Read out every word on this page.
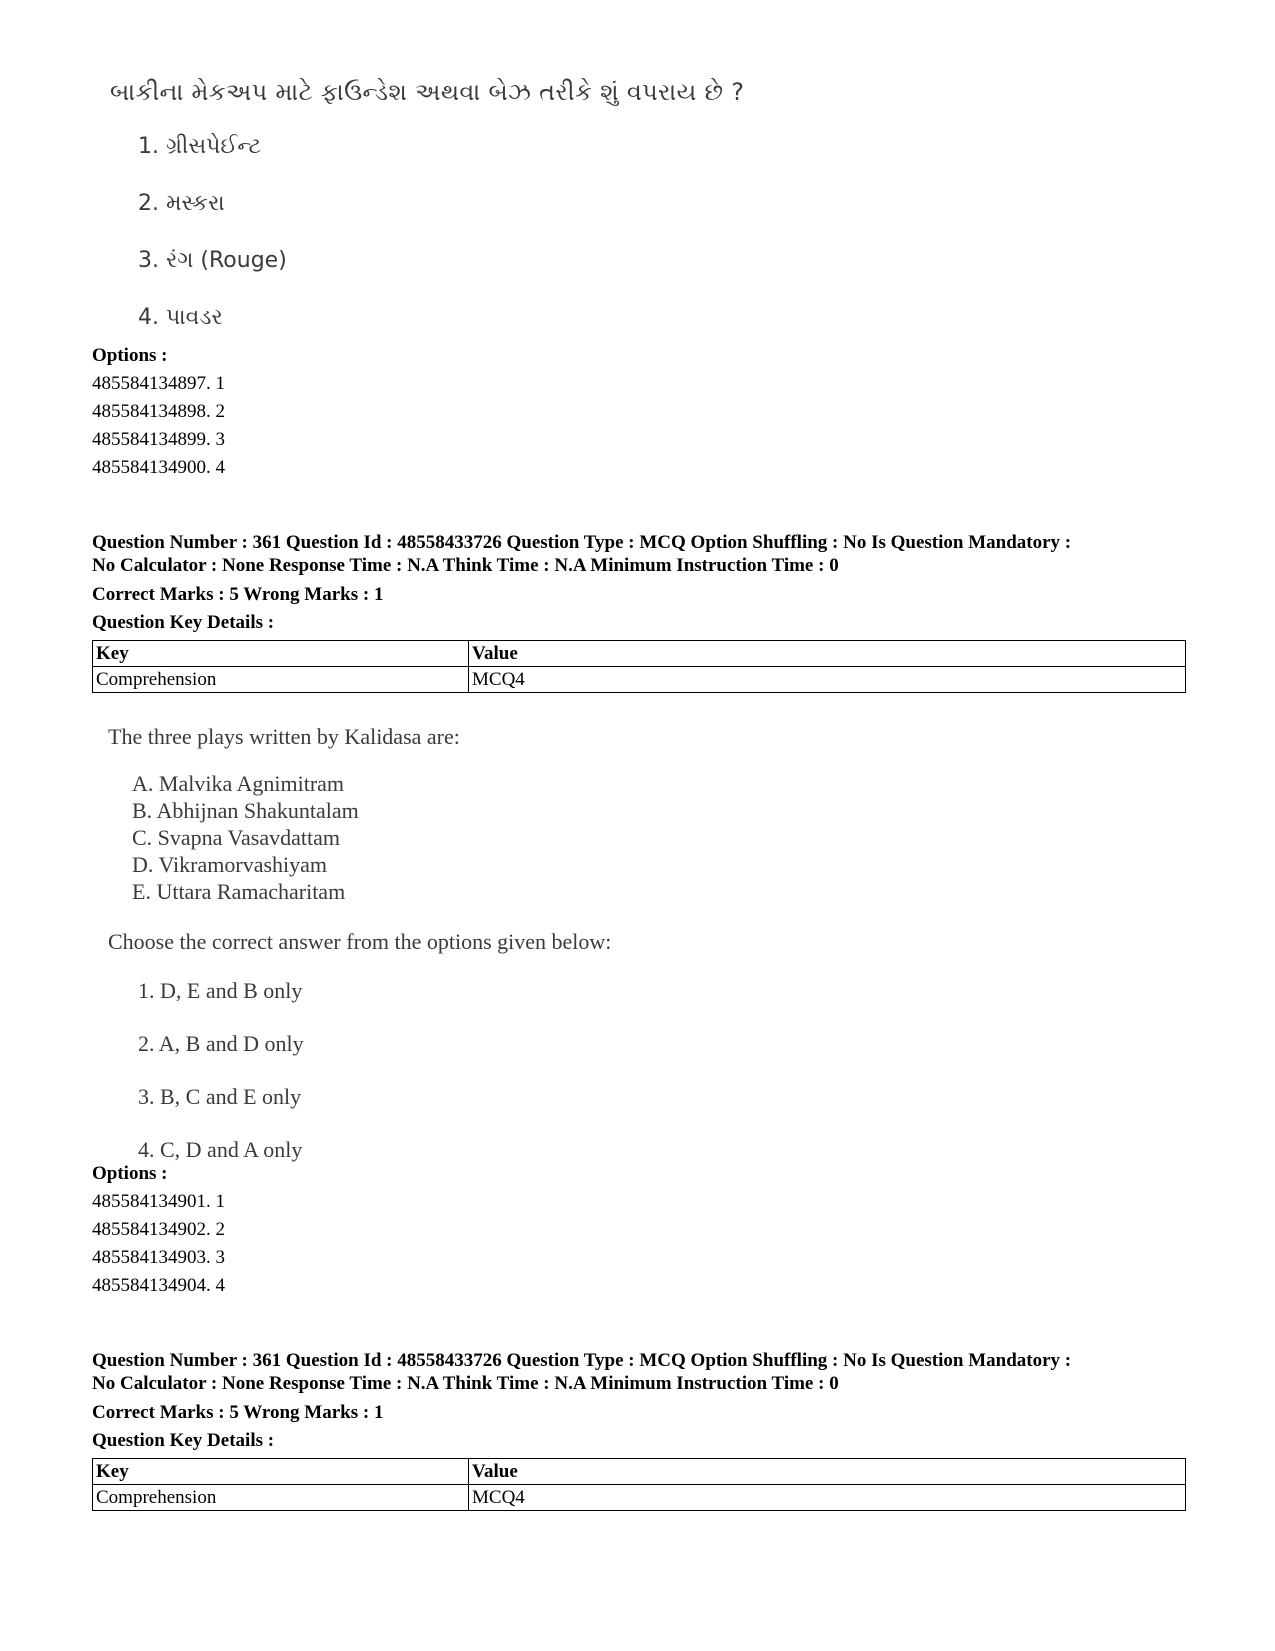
બાકીના મેકઅપ માટે ફાઉન્ડેશ અથવા બેઝ તરીકે શું વપરાય છે ?
1. ગ્રીસપેઈન્ટ
2. મસ્કરા
3. રંગ (Rouge)
4. પાવડર
Options :
485584134897. 1
485584134898. 2
485584134899. 3
485584134900. 4
Question Number : 361 Question Id : 48558433726 Question Type : MCQ Option Shuffling : No Is Question Mandatory :
No Calculator : None Response Time : N.A Think Time : N.A Minimum Instruction Time : 0
Correct Marks : 5 Wrong Marks : 1
Question Key Details :
Key	Value
Comprehension	MCQ4
The three plays written by Kalidasa are:
A. Malvika Agnimitram
B. Abhijnan Shakuntalam
C. Svapna Vasavdattam
D. Vikramorvashiyam
E. Uttara Ramacharitam
Choose the correct answer from the options given below:
1. D, E and B only
2. A, B and D only
3. B, C and E only
4. C, D and A only
Options :
485584134901. 1
485584134902. 2
485584134903. 3
485584134904. 4
Question Number : 361 Question Id : 48558433726 Question Type : MCQ Option Shuffling : No Is Question Mandatory :
No Calculator : None Response Time : N.A Think Time : N.A Minimum Instruction Time : 0
Correct Marks : 5 Wrong Marks : 1
Question Key Details :
Key	Value
Comprehension	MCQ4
